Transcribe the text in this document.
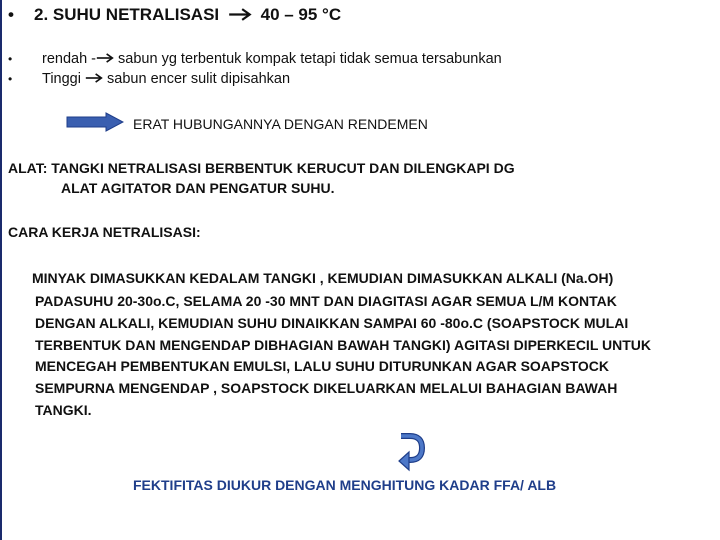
• 2. SUHU NETRALISASI 40 – 95 °C
• rendah - sabun yg terbentuk kompak tetapi tidak semua tersabunkan
• Tinggi sabun encer sulit dipisahkan
ERAT HUBUNGANNYA DENGAN RENDEMEN
ALAT: TANGKI NETRALISASI BERBENTUK KERUCUT DAN DILENGKAPI DG
ALAT AGITATOR DAN PENGATUR SUHU.
CARA KERJA NETRALISASI:
MINYAK DIMASUKKAN KEDALAM TANGKI , KEMUDIAN DIMASUKKAN ALKALI (Na.OH)
PADASUHU 20-30o.C, SELAMA 20 -30 MNT DAN DIAGITASI AGAR SEMUA L/M KONTAK
DENGAN ALKALI, KEMUDIAN SUHU DINAIKKAN SAMPAI 60 -80o.C (SOAPSTOCK MULAI
TERBENTUK DAN MENGENDAP DIBHAGIAN BAWAH TANGKI) AGITASI DIPERKECIL UNTUK
MENCEGAH PEMBENTUKAN EMULSI, LALU SUHU DITURUNKAN AGAR SOAPSTOCK
SEMPURNA MENGENDAP , SOAPSTOCK DIKELUARKAN MELALUI BAHAGIAN BAWAH
TANGKI.
FEKTIFITAS DIUKUR DENGAN MENGHITUNG KADAR FFA/ ALB
